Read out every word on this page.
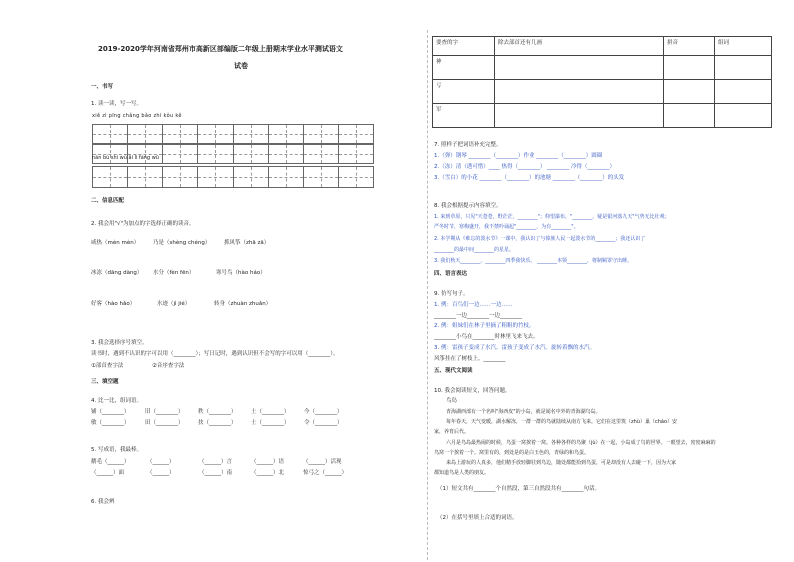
2019-2020学年河南省郑州市高新区部编版二年级上册期末学业水平测试语文
试卷
一、书写
1. 读一读，写一写。
xiě zì pīng chǎng bǎo zhí kǒu kě
nán bù shì wù ǎi lì fáng wū
二、信息匹配
2. 我会用"√"为加点的字选择正确的读音。
咸热（mèn mèn）	乃是（shèng chéng） 抓风筝（zhā zā）
冰冻（dāng dàng） 水分（fèn fēn）	寒号鸟（hào háo）
好客（hào hǎo）	水迹（jì jié）	转身（zhuàn zhuǎn）
3. 我会选择序号填空。
读书时，遇到不认识的字可以用（________）；写日记时，遇到认识但不会写的字可以用（________）。
①部首查字法	②音序查字法
三、填空题
4. 比一比，组词语。
铺（________）	旧（________）	秩（________）	土（________）	今（________）
敏（________）	田（________）	扶（________）	士（________）	令（________）
5. 写成语，我最棒。
鹅毛（______）	（______）	（______）言	（______）语	（______）活现
（______）面	（______）	（______）南	（______）北	惊弓之（______）
6. 我会辨
要查的字	除去部首还有几画	拼音	组词
神			
亏			
军			
7. 照样子把词语补充完整。
1.（弹）钢琴 ________（________）作业 ________（________）圆圈
2.（冻）清（透可惜）____ 热得（________） ________ 冷得（________）
3.（雪白）的小花 ________（________）的池塘 ________（________）的头发
8. 我会根据提示内容填空。
1. 来到草原，只见"天苍苍，野茫茫，________"；仰望瀑布，"________，疑是银河落九天"气势无比壮观；
严冬时节，寒梅盛开，我不禁吟诵起"________，为有________"。
2. 本学期从《难忘的泼水节》一课中，我认识了与傣族人民一起泼水节的________；我还认识了
________的最中间________的星星。
3. 我们秋天________，________四季我快乐。 ________本领________，将制羁罩守出睡。
四、语言表达
9. 仿写句子。
1. 例：百鸟们一边……一边……
________一边________一边________
2. 例：姐妹们在林子里摘了粗粗的竹枝。
________小鸟在________时林里飞来飞去。
3. 例：雷孩子变成了水汽。雷孩子变成了水汽。旋转着飘的水汽。
风筝挂在了树枝上。________
五、现代文阅读
10. 我会阅读短文，回答问题。
鸟岛
青海湖西部有一个名叫"海西皮"的小岛，就是闻名中外的青海湖鸟岛。
每年春天，天气变暖，湖水解冻，一群一群的鸟就陆续从南方飞来。它们在这里筑（zhù）巢（cháo）安
家，养育后代。
六月是鸟岛最热闹的时候，鸟蛋一窝挨着一窝。各种各样的鸟聚（jù）在一起，小岛成了鸟的世界。一眼望去，密密麻麻的
鸟窝一个挨着一个。窝里有的，到处是的是白玉色的，青绿的和鸟蛋。
来岛上游玩的人真多，他们精手放轻脚驻到鸟边，随处都能拾到鸟蛋，可是却没有人去碰一下，因为大家
都知道鸟是人类的朋友。
（1）短文共有________个自然段，第三自然段共有________句话。
（2）在括号里填上合适的词语。
